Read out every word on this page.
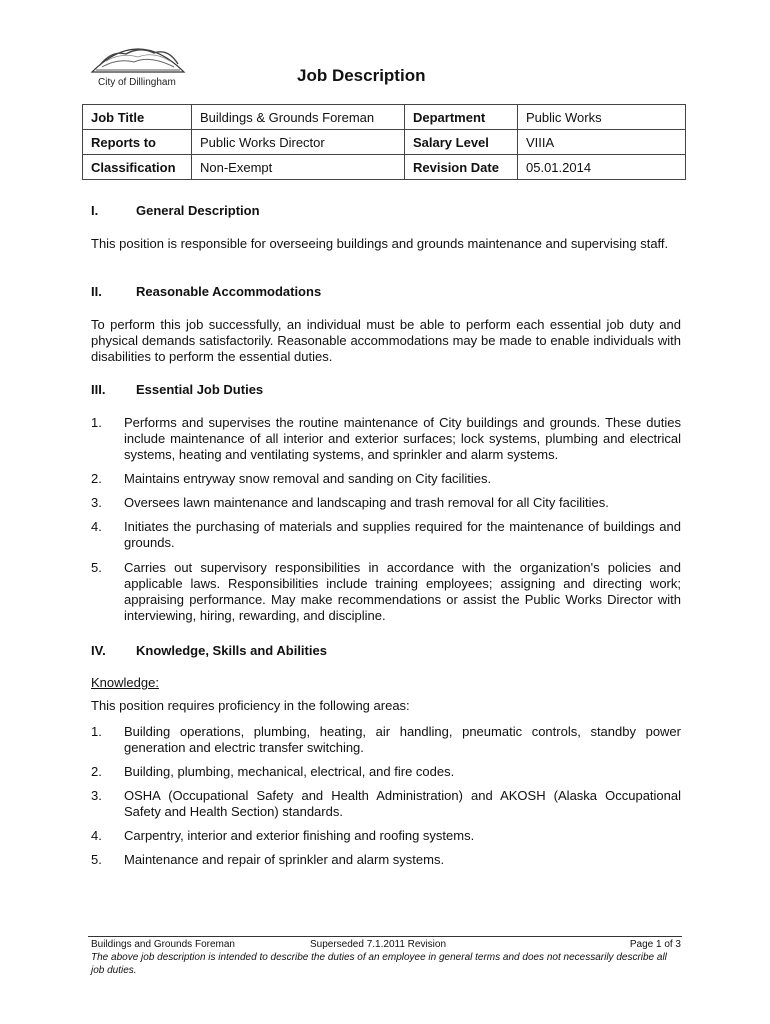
City of Dillingham	Job Description
Job Title	Buildings & Grounds Foreman	Department	Public Works
Reports to	Public Works Director	Salary Level	VIIIA
Classification	Non-Exempt	Revision Date	05.01.2014
I.	General Description
This position is responsible for overseeing buildings and grounds maintenance and supervising staff.
II.	Reasonable Accommodations
To perform this job successfully, an individual must be able to perform each essential job duty and physical demands satisfactorily. Reasonable accommodations may be made to enable individuals with disabilities to perform the essential duties.
III. Essential Job Duties
1. Performs and supervises the routine maintenance of City buildings and grounds. These duties include maintenance of all interior and exterior surfaces; lock systems, plumbing and electrical systems, heating and ventilating systems, and sprinkler and alarm systems.
2. Maintains entryway snow removal and sanding on City facilities.
3. Oversees lawn maintenance and landscaping and trash removal for all City facilities.
4. Initiates the purchasing of materials and supplies required for the maintenance of buildings and grounds.
5. Carries out supervisory responsibilities in accordance with the organization's policies and applicable laws. Responsibilities include training employees; assigning and directing work; appraising performance. May make recommendations or assist the Public Works Director with interviewing, hiring, rewarding, and discipline.
IV. Knowledge, Skills and Abilities
Knowledge:
This position requires proficiency in the following areas:
1. Building operations, plumbing, heating, air handling, pneumatic controls, standby power generation and electric transfer switching.
2. Building, plumbing, mechanical, electrical, and fire codes.
3. OSHA (Occupational Safety and Health Administration) and AKOSH (Alaska Occupational Safety and Health Section) standards.
4. Carpentry, interior and exterior finishing and roofing systems.
5. Maintenance and repair of sprinkler and alarm systems.
Buildings and Grounds Foreman	Superseded 7.1.2011 Revision	Page 1 of 3
The above job description is intended to describe the duties of an employee in general terms and does not necessarily describe all job duties.
